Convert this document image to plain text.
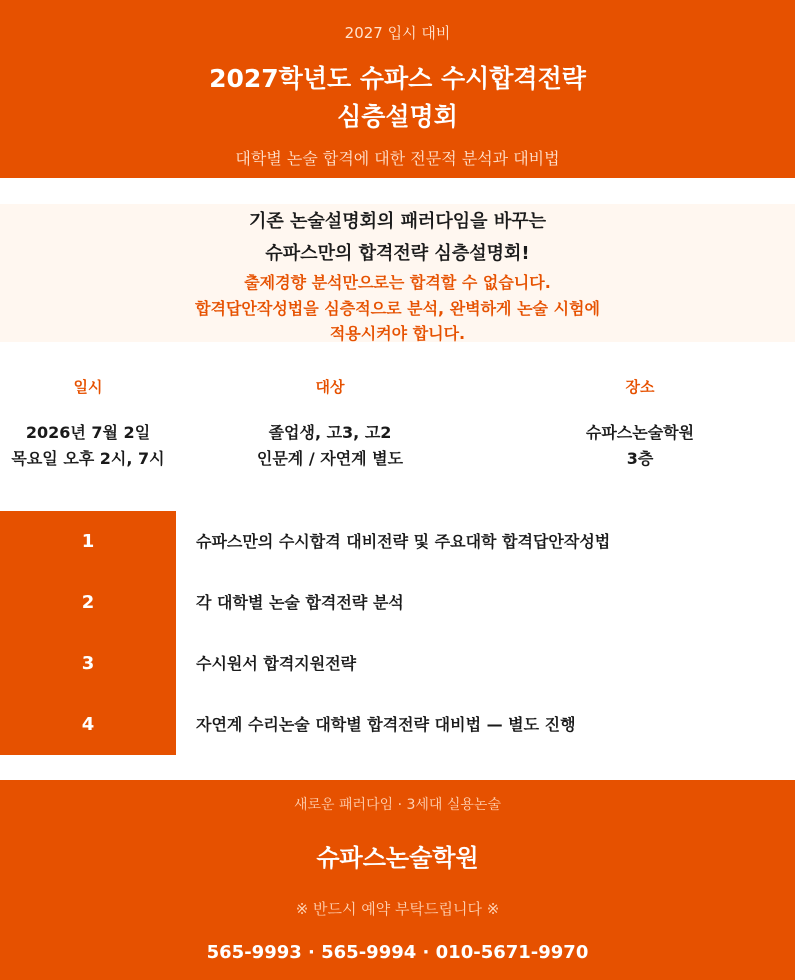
2027 입시 대비
2027학년도 슈파스 수시합격전략
심층설명회
대학별 논술 합격에 대한 전문적 분석과 대비법
기존 논술설명회의 패러다임을 바꾸는
슈파스만의 합격전략 심층설명회!
출제경향 분석만으로는 합격할 수 없습니다.
합격답안작성법을 심층적으로 분석, 완벽하게 논술 시험에
적용시켜야 합니다.
일시
2026년 7월 2일
목요일 오후 2시, 7시
대상
졸업생, 고3, 고2
인문계 / 자연계 별도
장소
슈파스논술학원
3층
1	슈파스만의 수시합격 대비전략 및 주요대학 합격답안작성법
2	각 대학별 논술 합격전략 분석
3	수시원서 합격지원전략
4	자연계 수리논술 대학별 합격전략 대비법 — 별도 진행
새로운 패러다임 · 3세대 실용논술
슈파스논술학원
※ 반드시 예약 부탁드립니다 ※
565-9993 · 565-9994 · 010-5671-9970
